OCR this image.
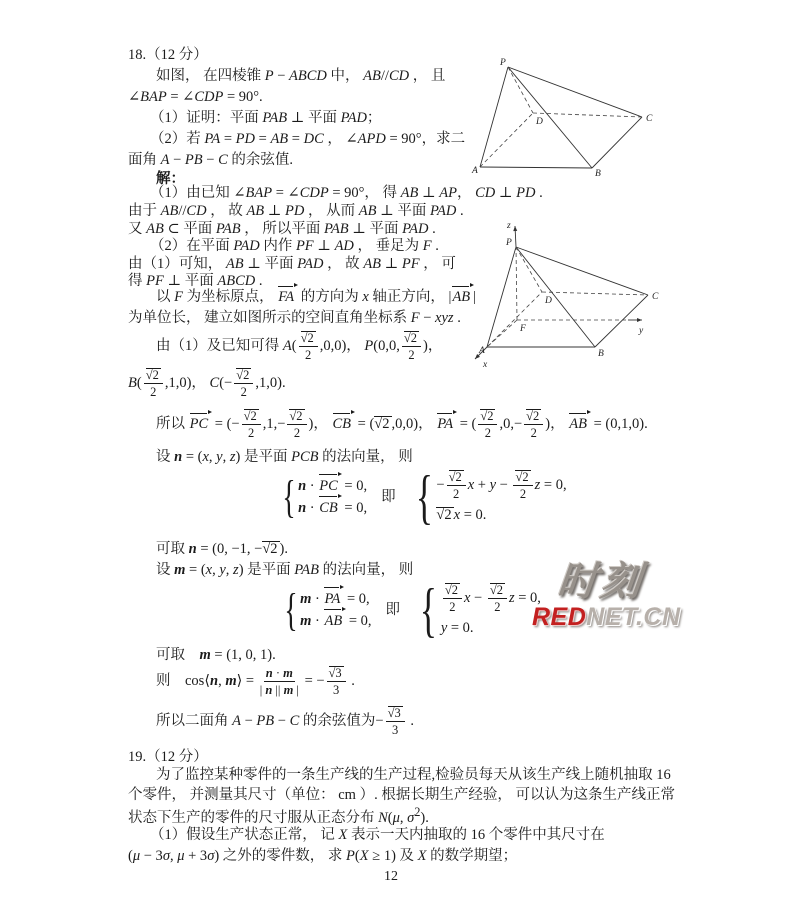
18.（12 分）
如图， 在四棱锥 P − ABCD 中， AB//CD ， 且
∠BAP = ∠CDP = 90°.
（1）证明：平面 PAB ⊥ 平面 PAD；
（2）若 PA = PD = AB = DC ， ∠APD = 90°，求二
面角 A − PB − C 的余弦值.
解：
（1）由已知 ∠BAP = ∠CDP = 90°， 得 AB ⊥ AP， CD ⊥ PD .
由于 AB//CD ， 故 AB ⊥ PD ， 从而 AB ⊥ 平面 PAD .
又 AB ⊂ 平面 PAB ， 所以平面 PAB ⊥ 平面 PAD .
（2）在平面 PAD 内作 PF ⊥ AD ， 垂足为 F .
由（1）可知， AB ⊥ 平面 PAD ， 故 AB ⊥ PF ， 可
得 PF ⊥ 平面 ABCD .
以 F 为坐标原点， FA 的方向为 x 轴正方向， |AB |
为单位长， 建立如图所示的空间直角坐标系 F − xyz .
由（1）及已知可得 A( √ $\frac{2}{2} ,0,0$)， P(0,0, √ $\frac{2}{2}$ )，
B( √ $\frac{2}{2} ,1,0$)， C(− √ $\frac{2}{2} ,1,0$).
所以 PC = (− √ $\frac{2}{2} ,1,-$ √ $\frac{2}{2}$ )， CB = ( √ 2 ,0,0)， PA = ( √ $\frac{2}{2} ,0,-$ √ $\frac{2}{2}$ )， AB = (0,1,0).
设 n = (x, y, z) 是平面 PCB 的法向量， 则
{ n · PC = 0,
n · CB = 0,
即 { − √ $\frac{2}{2}$ x + y − √ $\frac{2}{2}$ z = 0,
√ 2 x = 0.
可取 n = (0, −1, − √ 2 ).
设 m = (x, y, z) 是平面 PAB 的法向量， 则
{ m · PA = 0,
m · AB = 0,
即 { √ $\frac{2}{2}$ x − √ $\frac{2}{2}$ z = 0,
y = 0.
可取　m = (1, 0, 1).
则　cos⟨n, m⟩ = $\frac{n \cdot m}{| n || m |}$ = − √ $\frac{3}{3}$ .
所以二面角 A − PB − C 的余弦值为− √ $\frac{3}{3}$ .
19.（12 分）
为了监控某种零件的一条生产线的生产过程,检验员每天从该生产线上随机抽取 16
个零件， 并测量其尺寸（单位： cm ）. 根据长期生产经验， 可以认为这条生产线正常
状态下生产的零件的尺寸服从正态分布 N(μ, $\sigma^2$).
（1）假设生产状态正常， 记 X 表示一天内抽取的 16 个零件中其尺寸在
(μ − 3σ, μ + 3σ) 之外的零件数， 求 P(X ≥ 1) 及 X 的数学期望；
P
A	B
C
D
z
P
D	C
F	y
A	B
x
时刻
REDNET.CN
12
